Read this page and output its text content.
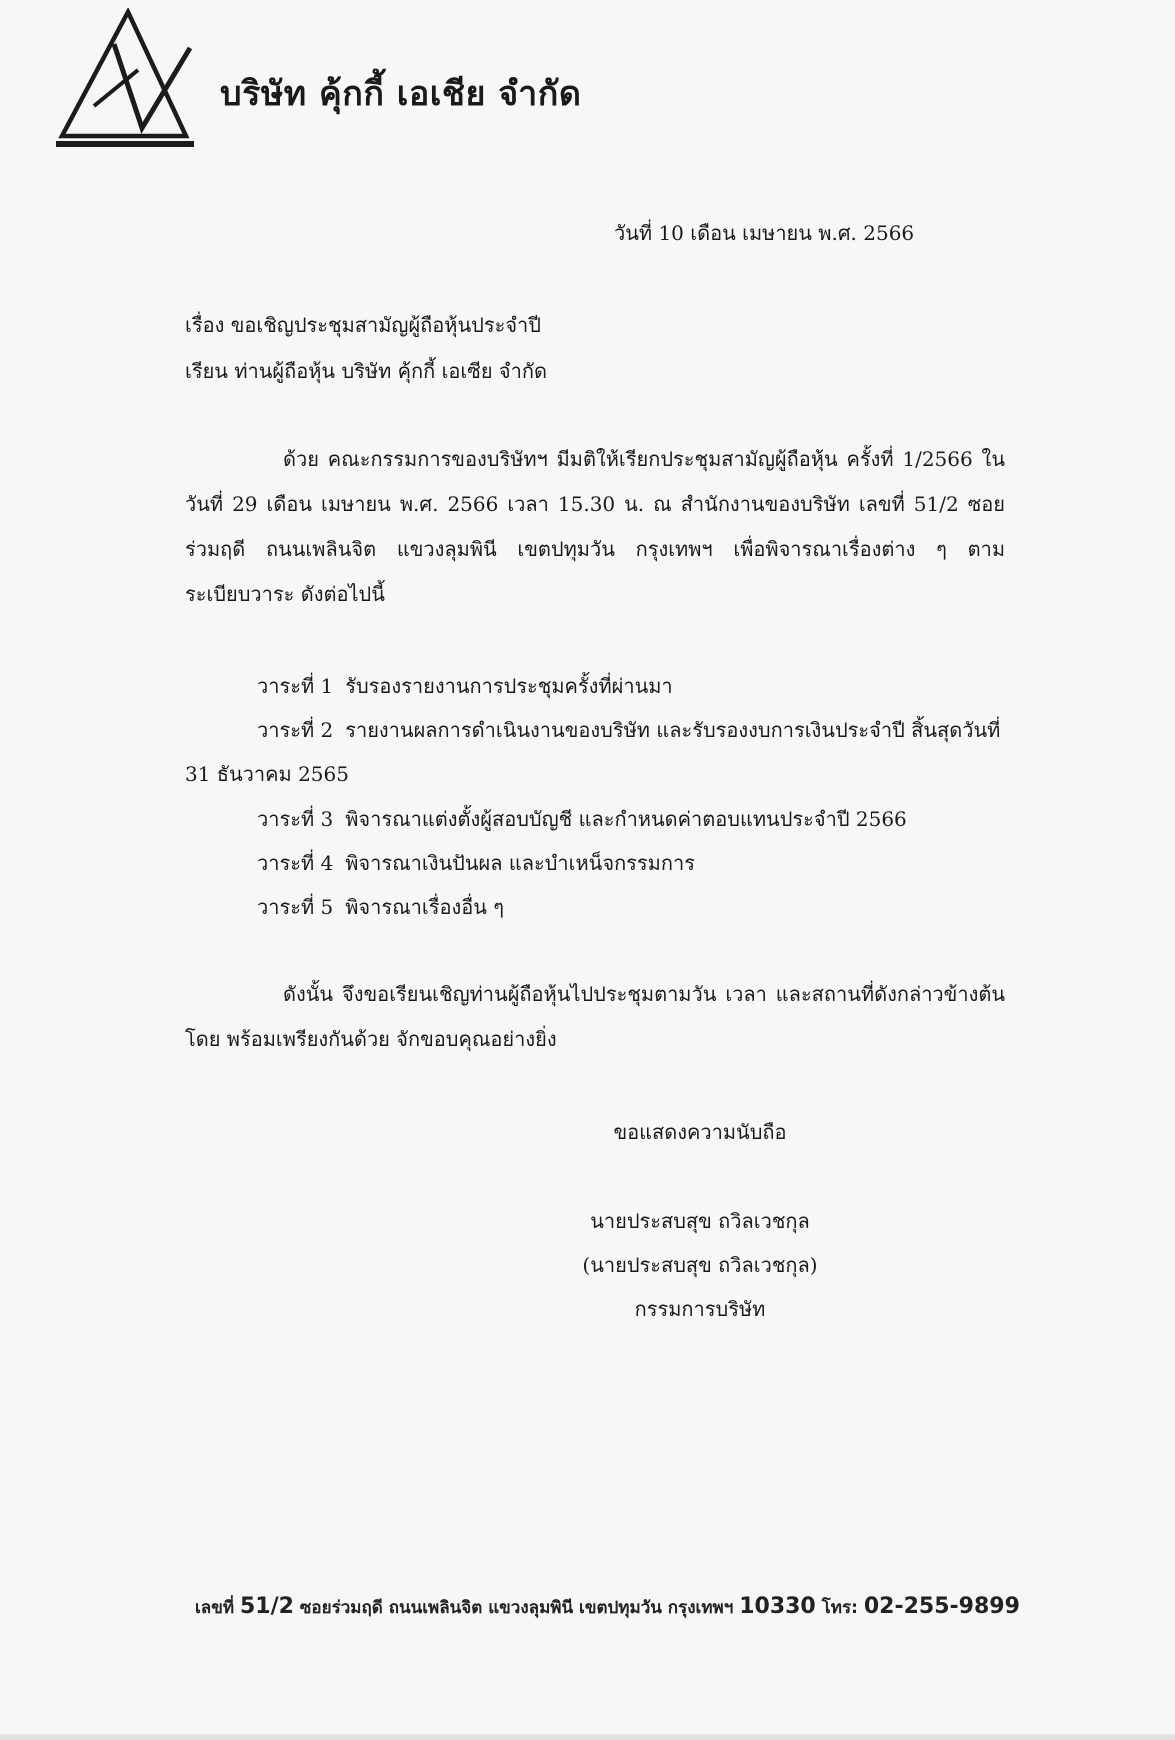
บริษัท คุ้กกี้ เอเชีย จำกัด
วันที่ 10 เดือน เมษายน พ.ศ. 2566
เรื่อง ขอเชิญประชุมสามัญผู้ถือหุ้นประจำปี
เรียน ท่านผู้ถือหุ้น บริษัท คุ้กกี้ เอเซีย จำกัด
ด้วย คณะกรรมการของบริษัทฯ มีมติให้เรียกประชุมสามัญผู้ถือหุ้น ครั้งที่ 1/2566 ใน วันที่ 29 เดือน เมษายน พ.ศ. 2566 เวลา 15.30 น. ณ สำนักงานของบริษัท เลขที่ 51/2 ซอยร่วมฤดี ถนนเพลินจิต แขวงลุมพินี เขตปทุมวัน กรุงเทพฯ เพื่อพิจารณาเรื่องต่าง ๆ ตามระเบียบวาระ ดังต่อไปนี้
วาระที่ 1 รับรองรายงานการประชุมครั้งที่ผ่านมา
วาระที่ 2 รายงานผลการดำเนินงานของบริษัท และรับรองงบการเงินประจำปี สิ้นสุดวันที่
31 ธันวาคม 2565
วาระที่ 3 พิจารณาแต่งตั้งผู้สอบบัญชี และกำหนดค่าตอบแทนประจำปี 2566
วาระที่ 4 พิจารณาเงินปันผล และบำเหน็จกรรมการ
วาระที่ 5 พิจารณาเรื่องอื่น ๆ
ดังนั้น จึงขอเรียนเชิญท่านผู้ถือหุ้นไปประชุมตามวัน เวลา และสถานที่ดังกล่าวข้างต้นโดย พร้อมเพรียงกันด้วย จักขอบคุณอย่างยิ่ง
ขอแสดงความนับถือ
นายประสบสุข ถวิลเวชกุล
(นายประสบสุข ถวิลเวชกุล)
กรรมการบริษัท
เลขที่ 51/2 ซอยร่วมฤดี ถนนเพลินจิต แขวงลุมพินี เขตปทุมวัน กรุงเทพฯ 10330 โทร: 02-255-9899
